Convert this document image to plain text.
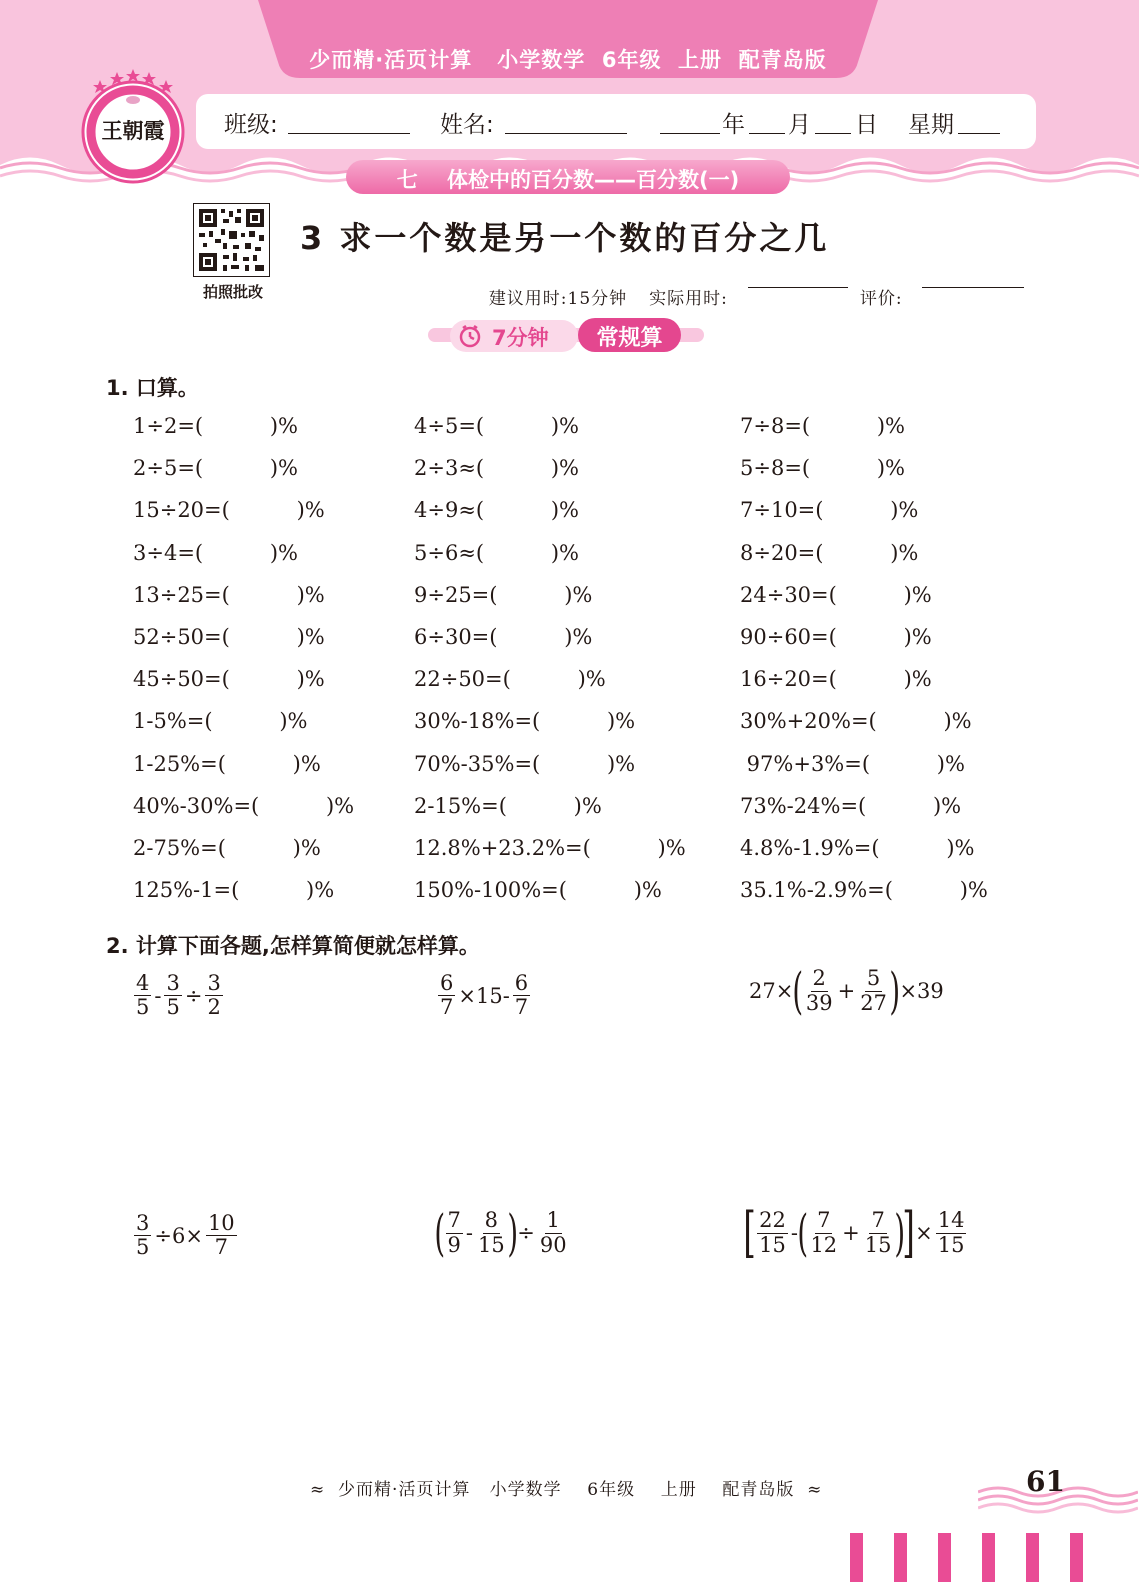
少而精·活页计算   小学数学  6年级  上册  配青岛版
班级:	姓名:	年 月 日 星期
七    体检中的百分数——百分数(一)
王朝霞
拍照批改
3 求一个数是另一个数的百分之几

建议用时:15分钟 实际用时:	评价:

7分钟	常规算
1. 口算。
1÷2=(          )%	4÷5=(          )%	7÷8=(          )%
2÷5=(          )%	2÷3≈(          )%	5÷8=(          )%
15÷20=(          )%	4÷9≈(          )%	7÷10=(          )%
3÷4=(          )%	5÷6≈(          )%	8÷20=(          )%
13÷25=(          )%	9÷25=(          )%	24÷30=(          )%
52÷50=(          )%	6÷30=(          )%	90÷60=(          )%
45÷50=(          )%	22÷50=(          )%	16÷20=(          )%
1-5%=(          )%	30%-18%=(          )%	30%+20%=(          )%
1-25%=(          )%	70%-35%=(          )%	97%+3%=(          )%
40%-30%=(          )%	2-15%=(          )%	73%-24%=(          )%
2-75%=(          )%	12.8%+23.2%=(          )%	4.8%-1.9%=(          )%
125%-1=(          )%	150%-100%=(          )%	35.1%-2.9%=(          )%
2. 计算下面各题,怎样算简便就怎样算。
$\frac{4}{5} - \frac{3}{5} \div \frac{3}{2}$	$\frac{6}{7} \times 15- \frac{6}{7}$	27× ( $\frac{2}{39} + \frac{5}{27}$ ) ×39
$\frac{3}{5} \div 6\times \frac{10}{7}$	( $\frac{7}{9} - \frac{8}{15}$ ) ÷ $\frac{1}{90}$	[ $\frac{22}{15}$ - ( $\frac{7}{12} + \frac{7}{15}$ )
] × $\frac{14}{15}$
≈  少而精·活页计算   小学数学    6年级    上册    配青岛版  ≈	61
